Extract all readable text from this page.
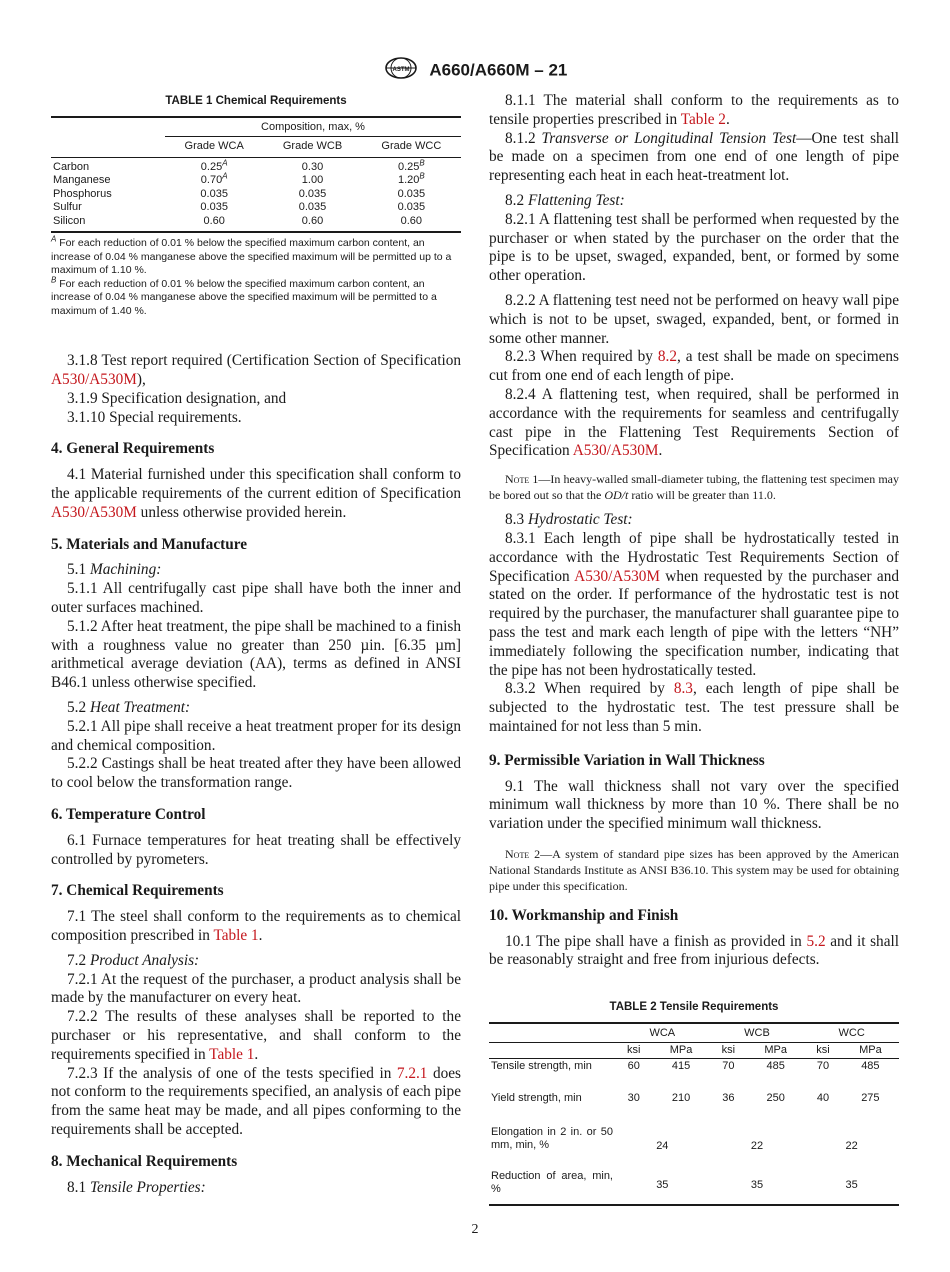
ASTM A660/A660M – 21
TABLE 1 Chemical Requirements
	Composition, max, %		
	Grade WCA	Grade WCB	Grade WCC
Carbon	$0.25^A$	0.30	$0.25^B$
Manganese	$0.70^A$	1.00	$1.20^B$
Phosphorus	0.035	0.035	0.035
Sulfur	0.035	0.035	0.035
Silicon	0.60	0.60	0.60
$^A$ For each reduction of 0.01 % below the specified maximum carbon content, an increase of 0.04 % manganese above the specified maximum will be permitted up to a maximum of 1.10 %.
$^B$ For each reduction of 0.01 % below the specified maximum carbon content, an increase of 0.04 % manganese above the specified maximum will be permitted to a maximum of 1.40 %.

3.1.8 Test report required (Certification Section of Specification A530/A530M),

3.1.9 Specification designation, and

3.1.10 Special requirements.

4. General Requirements

4.1 Material furnished under this specification shall conform to the applicable requirements of the current edition of Specification A530/A530M unless otherwise provided herein.

5. Materials and Manufacture

5.1 Machining:

5.1.1 All centrifugally cast pipe shall have both the inner and outer surfaces machined.

5.1.2 After heat treatment, the pipe shall be machined to a finish with a roughness value no greater than 250 µin. [6.35 µm] arithmetical average deviation (AA), terms as defined in ANSI B46.1 unless otherwise specified.

5.2 Heat Treatment:

5.2.1 All pipe shall receive a heat treatment proper for its design and chemical composition.

5.2.2 Castings shall be heat treated after they have been allowed to cool below the transformation range.

6. Temperature Control

6.1 Furnace temperatures for heat treating shall be effectively controlled by pyrometers.

7. Chemical Requirements

7.1 The steel shall conform to the requirements as to chemical composition prescribed in Table 1.

7.2 Product Analysis:

7.2.1 At the request of the purchaser, a product analysis shall be made by the manufacturer on every heat.

7.2.2 The results of these analyses shall be reported to the purchaser or his representative, and shall conform to the requirements specified in Table 1.

7.2.3 If the analysis of one of the tests specified in 7.2.1 does not conform to the requirements specified, an analysis of each pipe from the same heat may be made, and all pipes conforming to the requirements shall be accepted.

8. Mechanical Requirements

8.1 Tensile Properties:

8.1.1 The material shall conform to the requirements as to tensile properties prescribed in Table 2.

8.1.2 Transverse or Longitudinal Tension Test—One test shall be made on a specimen from one end of one length of pipe representing each heat in each heat-treatment lot.

8.2 Flattening Test:

8.2.1 A flattening test shall be performed when requested by the purchaser or when stated by the purchaser on the order that the pipe is to be upset, swaged, expanded, bent, or formed by some other operation.

8.2.2 A flattening test need not be performed on heavy wall pipe which is not to be upset, swaged, expanded, bent, or formed in some other manner.

8.2.3 When required by 8.2, a test shall be made on specimens cut from one end of each length of pipe.

8.2.4 A flattening test, when required, shall be performed in accordance with the requirements for seamless and centrifugally cast pipe in the Flattening Test Requirements Section of Specification A530/A530M.

Note 1—In heavy-walled small-diameter tubing, the flattening test specimen may be bored out so that the OD/t ratio will be greater than 11.0.

8.3 Hydrostatic Test:

8.3.1 Each length of pipe shall be hydrostatically tested in accordance with the Hydrostatic Test Requirements Section of Specification A530/A530M when requested by the purchaser and stated on the order. If performance of the hydrostatic test is not required by the purchaser, the manufacturer shall guarantee pipe to pass the test and mark each length of pipe with the letters “NH” immediately following the specification number, indicating that the pipe has not been hydrostatically tested.

8.3.2 When required by 8.3, each length of pipe shall be subjected to the hydrostatic test. The test pressure shall be maintained for not less than 5 min.

9. Permissible Variation in Wall Thickness

9.1 The wall thickness shall not vary over the specified minimum wall thickness by more than 10 %. There shall be no variation under the specified minimum wall thickness.

Note 2—A system of standard pipe sizes has been approved by the American National Standards Institute as ANSI B36.10. This system may be used for obtaining pipe under this specification.

10. Workmanship and Finish

10.1 The pipe shall have a finish as provided in 5.2 and it shall be reasonably straight and free from injurious defects.

TABLE 2 Tensile Requirements
	WCA		WCB		WCC	
	ksi	MPa	ksi	MPa	ksi	MPa
Tensile strength, min	60	415	70	485	70	485
Yield strength, min	30	210	36	250	40	275
Elongation in 2 in. or 50 mm, min, %	24		22		22	
Reduction of area, min, %	35		35		35	
2
